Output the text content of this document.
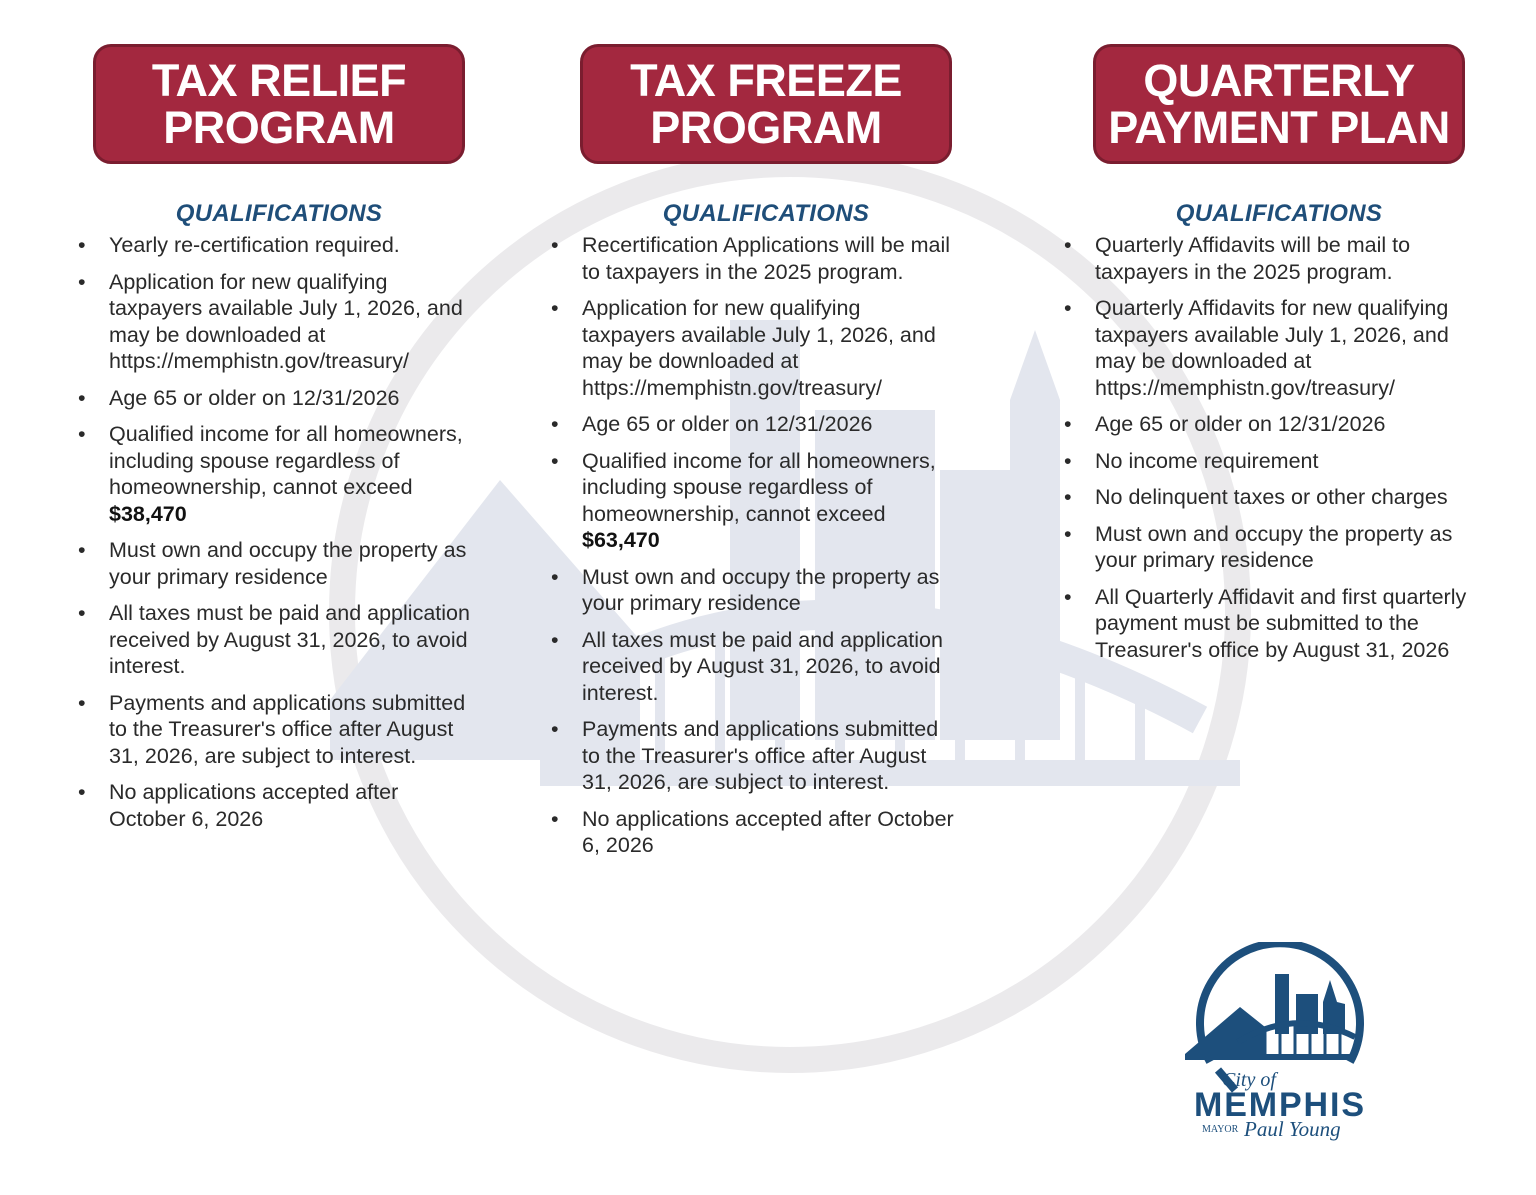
TAX RELIEF
PROGRAM
QUALIFICATIONS
• Yearly re-certification required.
• Application for new qualifying taxpayers available July 1, 2026, and may be downloaded at https://memphistn.gov/treasury/
• Age 65 or older on 12/31/2026
• Qualified income for all homeowners, including spouse regardless of homeownership, cannot exceed $38,470
• Must own and occupy the property as your primary residence
• All taxes must be paid and application received by August 31, 2026, to avoid interest.
• Payments and applications submitted to the Treasurer's office after August 31, 2026, are subject to interest.
• No applications accepted after October 6, 2026
TAX FREEZE
PROGRAM
QUALIFICATIONS
• Recertification Applications will be mail to taxpayers in the 2025 program.
• Application for new qualifying taxpayers available July 1, 2026, and may be downloaded at https://memphistn.gov/treasury/
• Age 65 or older on 12/31/2026
• Qualified income for all homeowners, including spouse regardless of homeownership, cannot exceed $63,470
• Must own and occupy the property as your primary residence
• All taxes must be paid and application received by August 31, 2026, to avoid interest.
• Payments and applications submitted to the Treasurer's office after August 31, 2026, are subject to interest.
• No applications accepted after October 6, 2026
QUARTERLY
PAYMENT PLAN
QUALIFICATIONS
• Quarterly Affidavits will be mail to taxpayers in the 2025 program.
• Quarterly Affidavits for new qualifying taxpayers available July 1, 2026, and may be downloaded at https://memphistn.gov/treasury/
• Age 65 or older on 12/31/2026
• No income requirement
• No delinquent taxes or other charges
• Must own and occupy the property as your primary residence
• All Quarterly Affidavit and first quarterly payment must be submitted to the Treasurer's office by August 31, 2026
City of
MEMPHIS
MAYOR Paul Young
